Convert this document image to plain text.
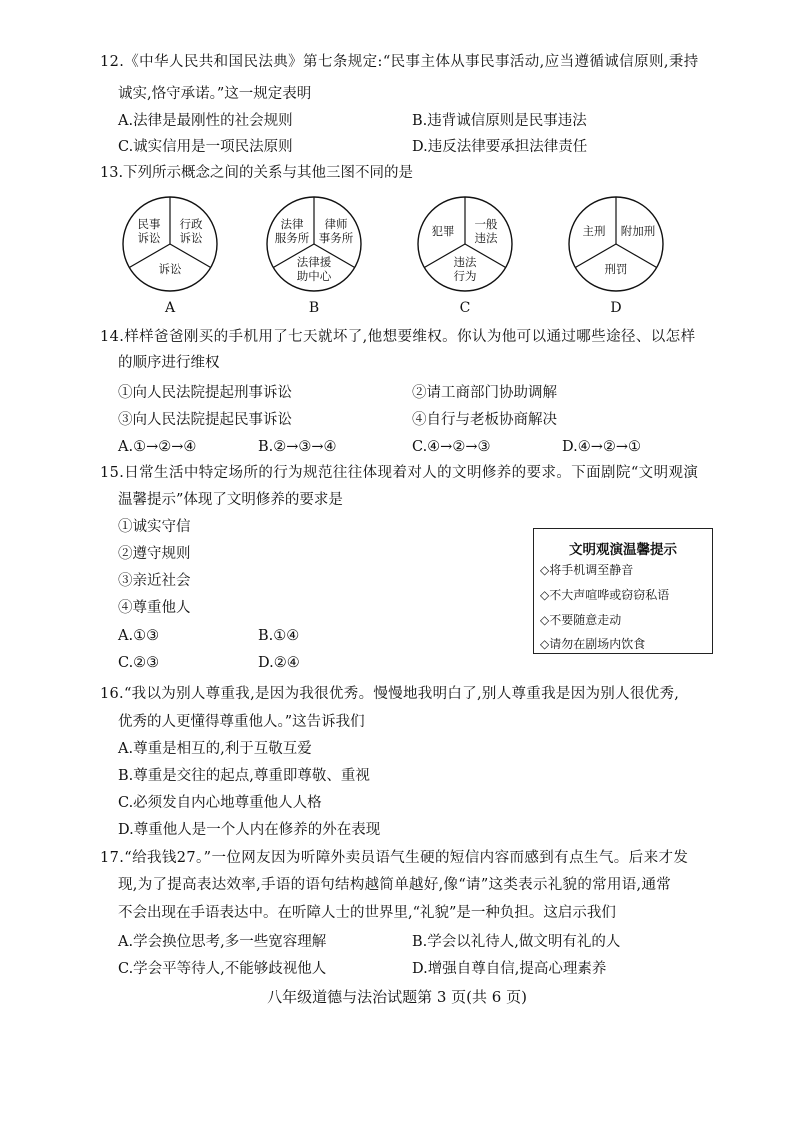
12.《中华人民共和国民法典》第七条规定:“民事主体从事民事活动,应当遵循诚信原则,秉持
诚实,恪守承诺。”这一规定表明
A.法律是最刚性的社会规则	B.违背诚信原则是民事违法
C.诚实信用是一项民法原则	D.违反法律要承担法律责任
13.下列所示概念之间的关系与其他三图不同的是
民事
诉讼
行政
诉讼
诉讼
A
法律
服务所
律师
事务所
法律援
助中心
B
犯罪 一般
违法
违法
行为
C
主刑 附加刑
刑罚
D
14.样样爸爸刚买的手机用了七天就坏了,他想要维权。你认为他可以通过哪些途径、以怎样
的顺序进行维权
①向人民法院提起刑事诉讼	②请工商部门协助调解
③向人民法院提起民事诉讼	④自行与老板协商解决
A.①→②→④	B.②→③→④	C.④→②→③	D.④→②→①
15.日常生活中特定场所的行为规范往往体现着对人的文明修养的要求。下面剧院“文明观演
温馨提示”体现了文明修养的要求是
①诚实守信
②遵守规则
③亲近社会
④尊重他人
A.①③	B.①④
C.②③	D.②④
文明观演温馨提示
◇将手机调至静音
◇不大声喧哗或窃窃私语
◇不要随意走动
◇请勿在剧场内饮食
16.“我以为别人尊重我,是因为我很优秀。慢慢地我明白了,别人尊重我是因为别人很优秀,
优秀的人更懂得尊重他人。”这告诉我们
A.尊重是相互的,利于互敬互爱
B.尊重是交往的起点,尊重即尊敬、重视
C.必须发自内心地尊重他人人格
D.尊重他人是一个人内在修养的外在表现
17.“给我钱27。”一位网友因为听障外卖员语气生硬的短信内容而感到有点生气。后来才发
现,为了提高表达效率,手语的语句结构越简单越好,像“请”这类表示礼貌的常用语,通常
不会出现在手语表达中。在听障人士的世界里,“礼貌”是一种负担。这启示我们
A.学会换位思考,多一些宽容理解	B.学会以礼待人,做文明有礼的人
C.学会平等待人,不能够歧视他人	D.增强自尊自信,提高心理素养
八年级道德与法治试题第 3 页(共 6 页)
